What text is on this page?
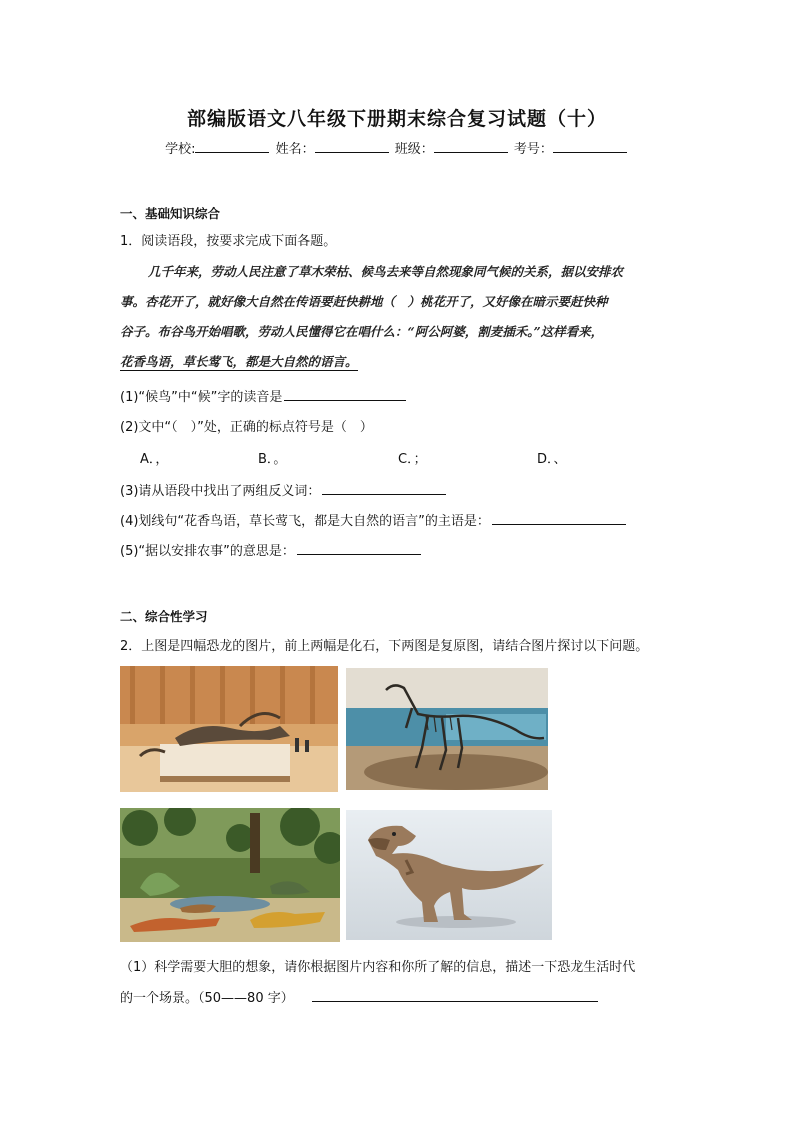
部编版语文八年级下册期末综合复习试题（十）
学校:	姓名：	班级：	考号：
一、基础知识综合
1．阅读语段，按要求完成下面各题。
几千年来，劳动人民注意了草木荣枯、候鸟去来等自然现象同气候的关系，据以安排农
事。杏花开了，就好像大自然在传语要赶快耕地（　）桃花开了，又好像在暗示要赶快种
谷子。布谷鸟开始唱歌，劳动人民懂得它在唱什么：“阿公阿婆，割麦插禾。”这样看来，
花香鸟语，草长莺飞，都是大自然的语言。
(1)“候鸟”中“候”字的读音是
(2)文中“（　）”处，正确的标点符号是（　）
A．，	B．。	C．；	D．、
(3)请从语段中找出了两组反义词：
(4)划线句“花香鸟语，草长莺飞，都是大自然的语言”的主语是：
(5)“据以安排农事”的意思是：
二、综合性学习
2．上图是四幅恐龙的图片，前上两幅是化石，下两图是复原图，请结合图片探讨以下问题。
（1）科学需要大胆的想象，请你根据图片内容和你所了解的信息，描述一下恐龙生活时代
的一个场景。（50——80 字）
